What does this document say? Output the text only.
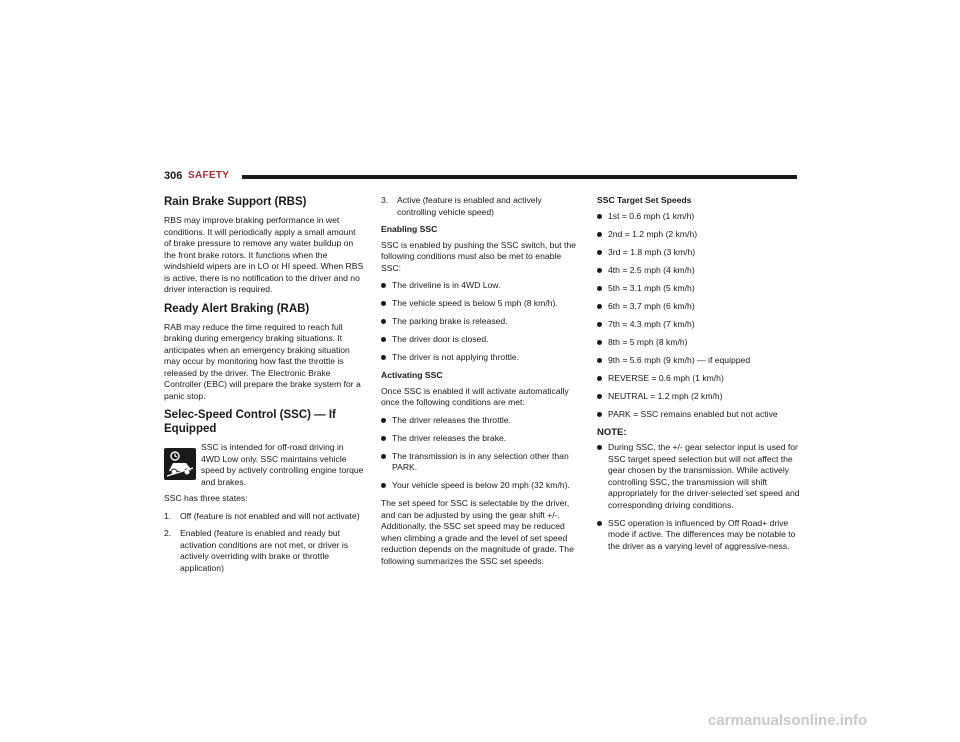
306 SAFETY
Rain Brake Support (RBS)

RBS may improve braking performance in wet conditions. It will periodically apply a small amount of brake pressure to remove any water buildup on the front brake rotors. It functions when the windshield wipers are in LO or HI speed. When RBS is active, there is no notification to the driver and no driver interaction is required.

Ready Alert Braking (RAB)

RAB may reduce the time required to reach full braking during emergency braking situations. It anticipates when an emergency braking situation may occur by monitoring how fast the throttle is released by the driver. The Electronic Brake Controller (EBC) will prepare the brake system for a panic stop.

Selec-Speed Control (SSC) — If Equipped
SSC is intended for off-road driving in 4WD Low only. SSC maintains vehicle speed by actively controlling engine torque and brakes.

SSC has three states:

1. Off (feature is not enabled and will not activate)
2. Enabled (feature is enabled and ready but activation conditions are not met, or driver is actively overriding with brake or throttle application)
3. Active (feature is enabled and actively controlling vehicle speed)
Enabling SSC

SSC is enabled by pushing the SSC switch, but the following conditions must also be met to enable SSC:

The driveline is in 4WD Low.
The vehicle speed is below 5 mph (8 km/h).
The parking brake is released.
The driver door is closed.
The driver is not applying throttle.
Activating SSC

Once SSC is enabled it will activate automatically once the following conditions are met:

The driver releases the throttle.
The driver releases the brake.
The transmission is in any selection other than PARK.
Your vehicle speed is below 20 mph (32 km/h).

The set speed for SSC is selectable by the driver, and can be adjusted by using the gear shift +/-. Additionally, the SSC set speed may be reduced when climbing a grade and the level of set speed reduction depends on the magnitude of grade. The following summarizes the SSC set speeds:

SSC Target Set Speeds
1st = 0.6 mph (1 km/h)
2nd = 1.2 mph (2 km/h)
3rd = 1.8 mph (3 km/h)
4th = 2.5 mph (4 km/h)
5th = 3.1 mph (5 km/h)
6th = 3.7 mph (6 km/h)
7th = 4.3 mph (7 km/h)
8th = 5 mph (8 km/h)
9th = 5.6 mph (9 km/h) — if equipped
REVERSE = 0.6 mph (1 km/h)
NEUTRAL = 1.2 mph (2 km/h)
PARK = SSC remains enabled but not active
NOTE:
During SSC, the +/- gear selector input is used for SSC target speed selection but will not affect the gear chosen by the transmission. While actively controlling SSC, the transmission will shift appropriately for the driver-selected set speed and corresponding driving conditions.
SSC operation is influenced by Off Road+ drive mode if active. The differences may be notable to the driver as a varying level of aggressive-ness.
carmanualsonline.info
